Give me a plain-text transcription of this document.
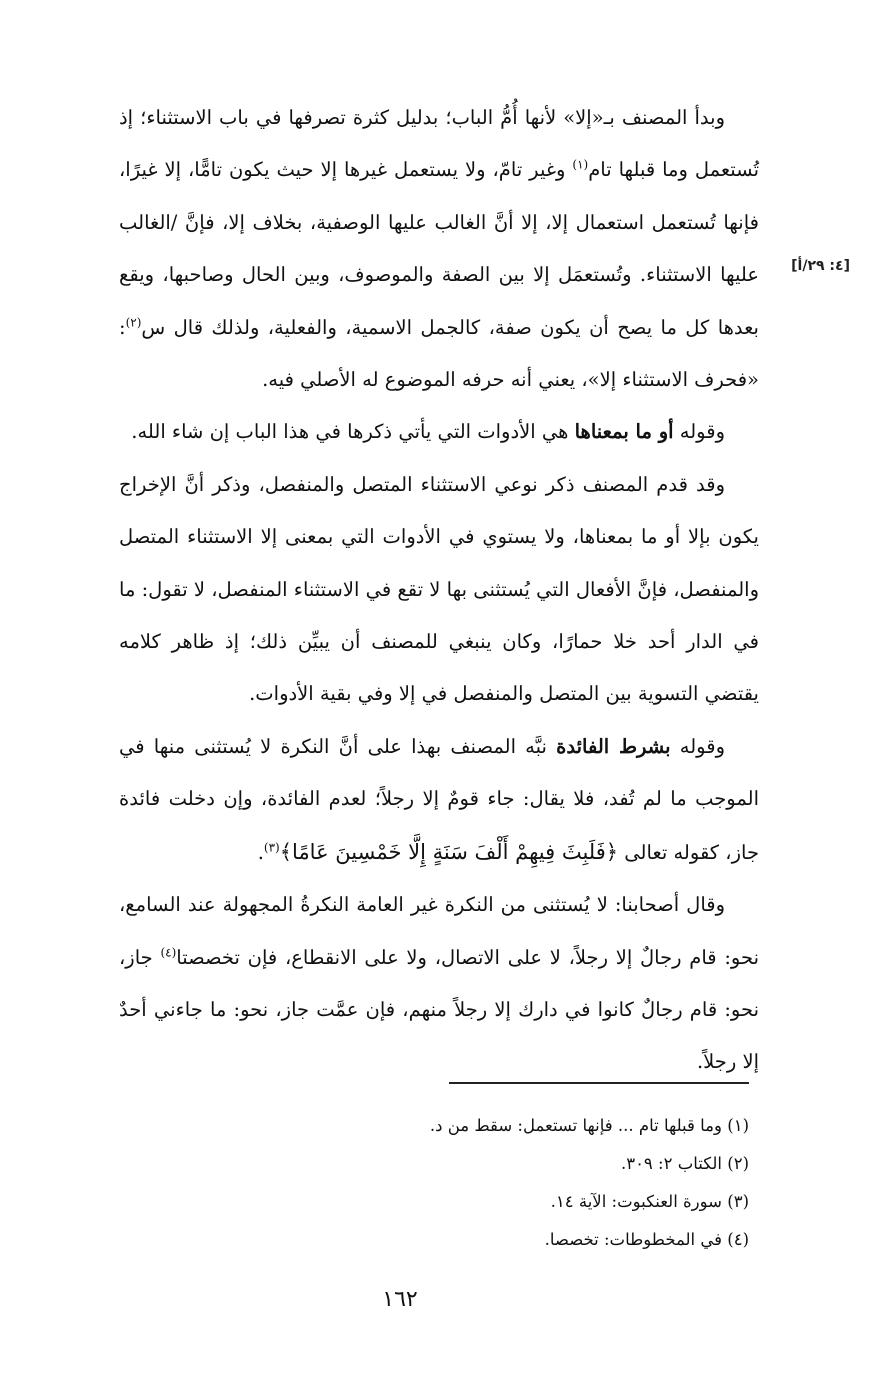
[٤: ٢٩/أ]

وبدأ المصنف بـ«إلا» لأنها أُمُّ الباب؛ بدليل كثرة تصرفها في باب الاستثناء؛ إذ تُستعمل وما قبلها تام$^{(١)}$ وغير تامّ، ولا يستعمل غيرها إلا حيث يكون تامًّا، إلا غيرًا، فإنها تُستعمل استعمال إلا، إلا أنَّ الغالب عليها الوصفية، بخلاف إلا، فإنَّ /الغالب عليها الاستثناء. وتُستعمَل إلا بين الصفة والموصوف، وبين الحال وصاحبها، ويقع بعدها كل ما يصح أن يكون صفة، كالجمل الاسمية، والفعلية، ولذلك قال س$^{(٢)}$: «فحرف الاستثناء إلا»، يعني أنه حرفه الموضوع له الأصلي فيه.

وقوله أو ما بمعناها هي الأدوات التي يأتي ذكرها في هذا الباب إن شاء الله.

وقد قدم المصنف ذكر نوعي الاستثناء المتصل والمنفصل، وذكر أنَّ الإخراج يكون بإلا أو ما بمعناها، ولا يستوي في الأدوات التي بمعنى إلا الاستثناء المتصل والمنفصل، فإنَّ الأفعال التي يُستثنى بها لا تقع في الاستثناء المنفصل، لا تقول: ما في الدار أحد خلا حمارًا، وكان ينبغي للمصنف أن يبيِّن ذلك؛ إذ ظاهر كلامه يقتضي التسوية بين المتصل والمنفصل في إلا وفي بقية الأدوات.

وقوله بشرط الفائدة نبَّه المصنف بهذا على أنَّ النكرة لا يُستثنى منها في الموجب ما لم تُفد، فلا يقال: جاء قومٌ إلا رجلاً؛ لعدم الفائدة، وإن دخلت فائدة جاز، كقوله تعالى ﴿فَلَبِثَ فِيهِمْ أَلْفَ سَنَةٍ إِلَّا خَمْسِينَ عَامًا﴾$^{(٣)}$.

وقال أصحابنا: لا يُستثنى من النكرة غير العامة النكرةُ المجهولة عند السامع، نحو: قام رجالٌ إلا رجلاً، لا على الاتصال، ولا على الانقطاع، فإن تخصصتا$^{(٤)}$ جاز، نحو: قام رجالٌ كانوا في دارك إلا رجلاً منهم، فإن عمَّت جاز، نحو: ما جاءني أحدٌ إلا رجلاً.

(١) وما قبلها تام ... فإنها تستعمل: سقط من د.

(٢) الكتاب ٢: ٣٠٩.

(٣) سورة العنكبوت: الآية ١٤.

(٤) في المخطوطات: تخصصا.

١٦٢
